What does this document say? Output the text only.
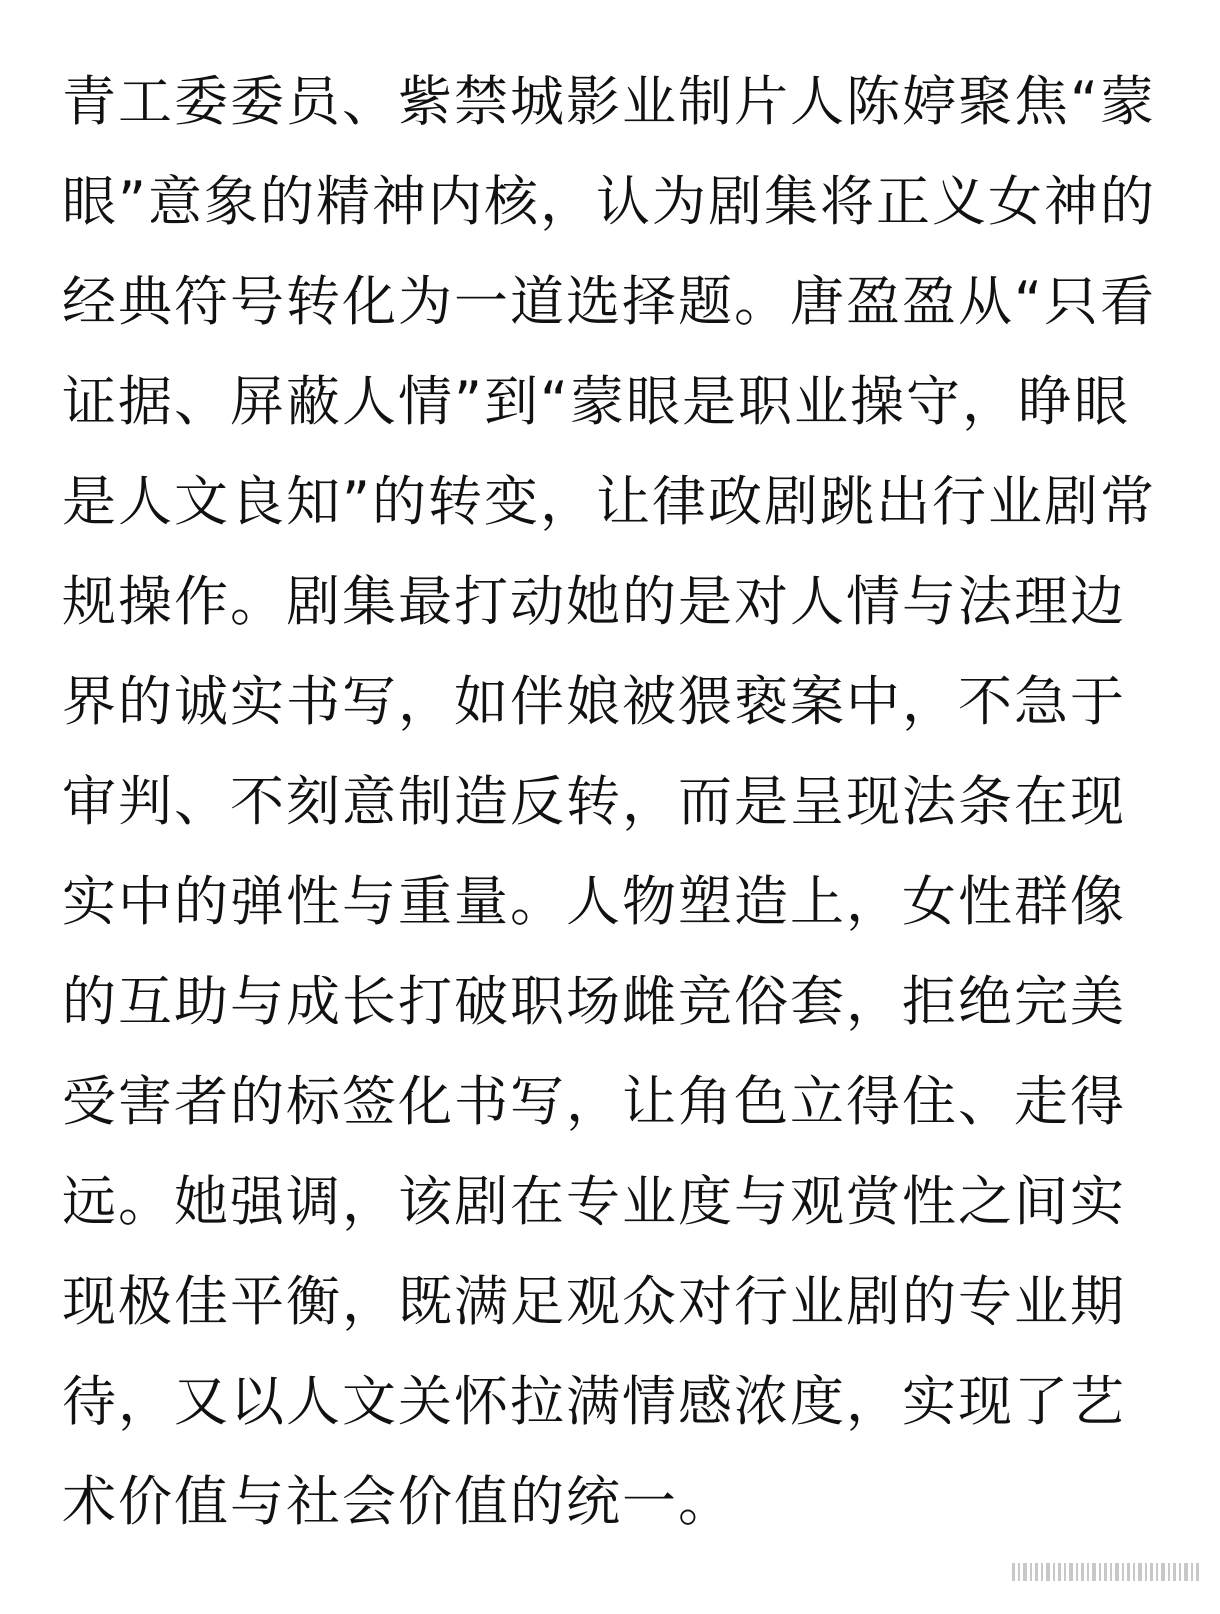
青工委委员、紫禁城影业制片人陈婷聚焦“蒙
眼”意象的精神内核，认为剧集将正义女神的
经典符号转化为一道选择题。唐盈盈从“只看
证据、屏蔽人情”到“蒙眼是职业操守，睁眼
是人文良知”的转变，让律政剧跳出行业剧常
规操作。剧集最打动她的是对人情与法理边
界的诚实书写，如伴娘被猥亵案中，不急于
审判、不刻意制造反转，而是呈现法条在现
实中的弹性与重量。人物塑造上，女性群像
的互助与成长打破职场雌竞俗套，拒绝完美
受害者的标签化书写，让角色立得住、走得
远。她强调，该剧在专业度与观赏性之间实
现极佳平衡，既满足观众对行业剧的专业期
待，又以人文关怀拉满情感浓度，实现了艺
术价值与社会价值的统一。
